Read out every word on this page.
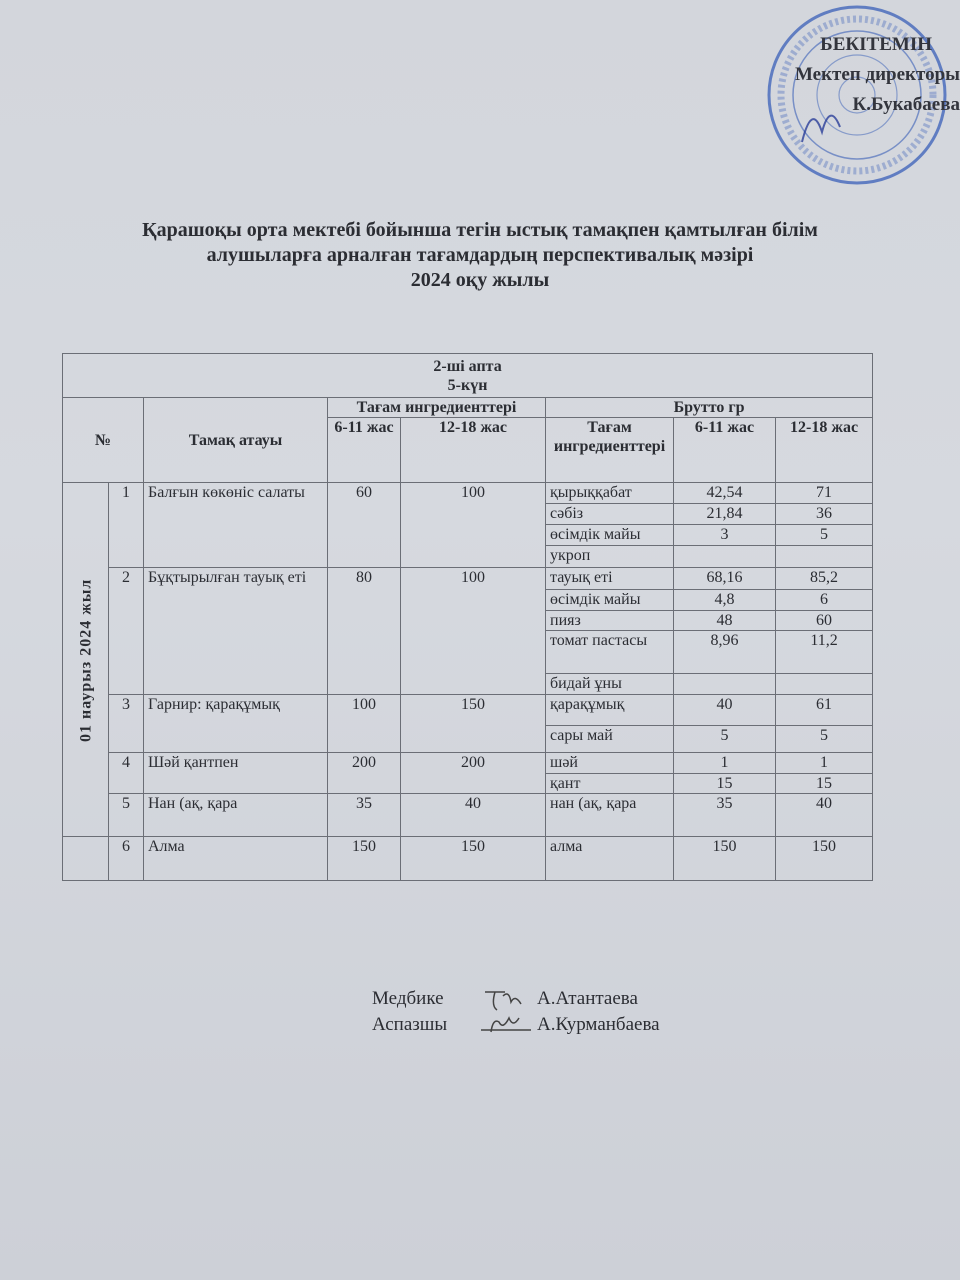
БЕКІТЕМІН
Мектеп директоры
К.Букабаева
Қарашоқы орта мектебі бойынша тегін ыстық тамақпен қамтылған білім
алушыларға арналған тағамдардың перспективалық мәзірі
2024 оқу жылы
2-ші апта
5-күн							

№		Тамақ атауы	Тағам ингредиенттері		Брутто гр		
			6-11 жас	12-18 жас	Тағам ингредиенттері	6-11 жас	12-18 жас
01 наурыз 2024 жыл	1	Балғын көкөніс салаты	60	100	қырыққабат	42,54	71
					сәбіз	21,84	36
					өсімдік майы	3	5
					укроп		
	2	Бұқтырылған тауық еті	80	100	тауық еті	68,16	85,2
					өсімдік майы	4,8	6
					пияз	48	60
					томат пастасы	8,96	11,2
					бидай ұны		
	3	Гарнир: қарақұмық	100	150	қарақұмық	40	61
					сары май	5	5
	4	Шәй қантпен	200	200	шәй	1	1
					қант	15	15
	5	Нан (ақ, қара	35	40	нан (ақ, қара	35	40
	6	Алма	150	150	алма	150	150
Медбике	А.Атантаева
Аспазшы	А.Курманбаева
